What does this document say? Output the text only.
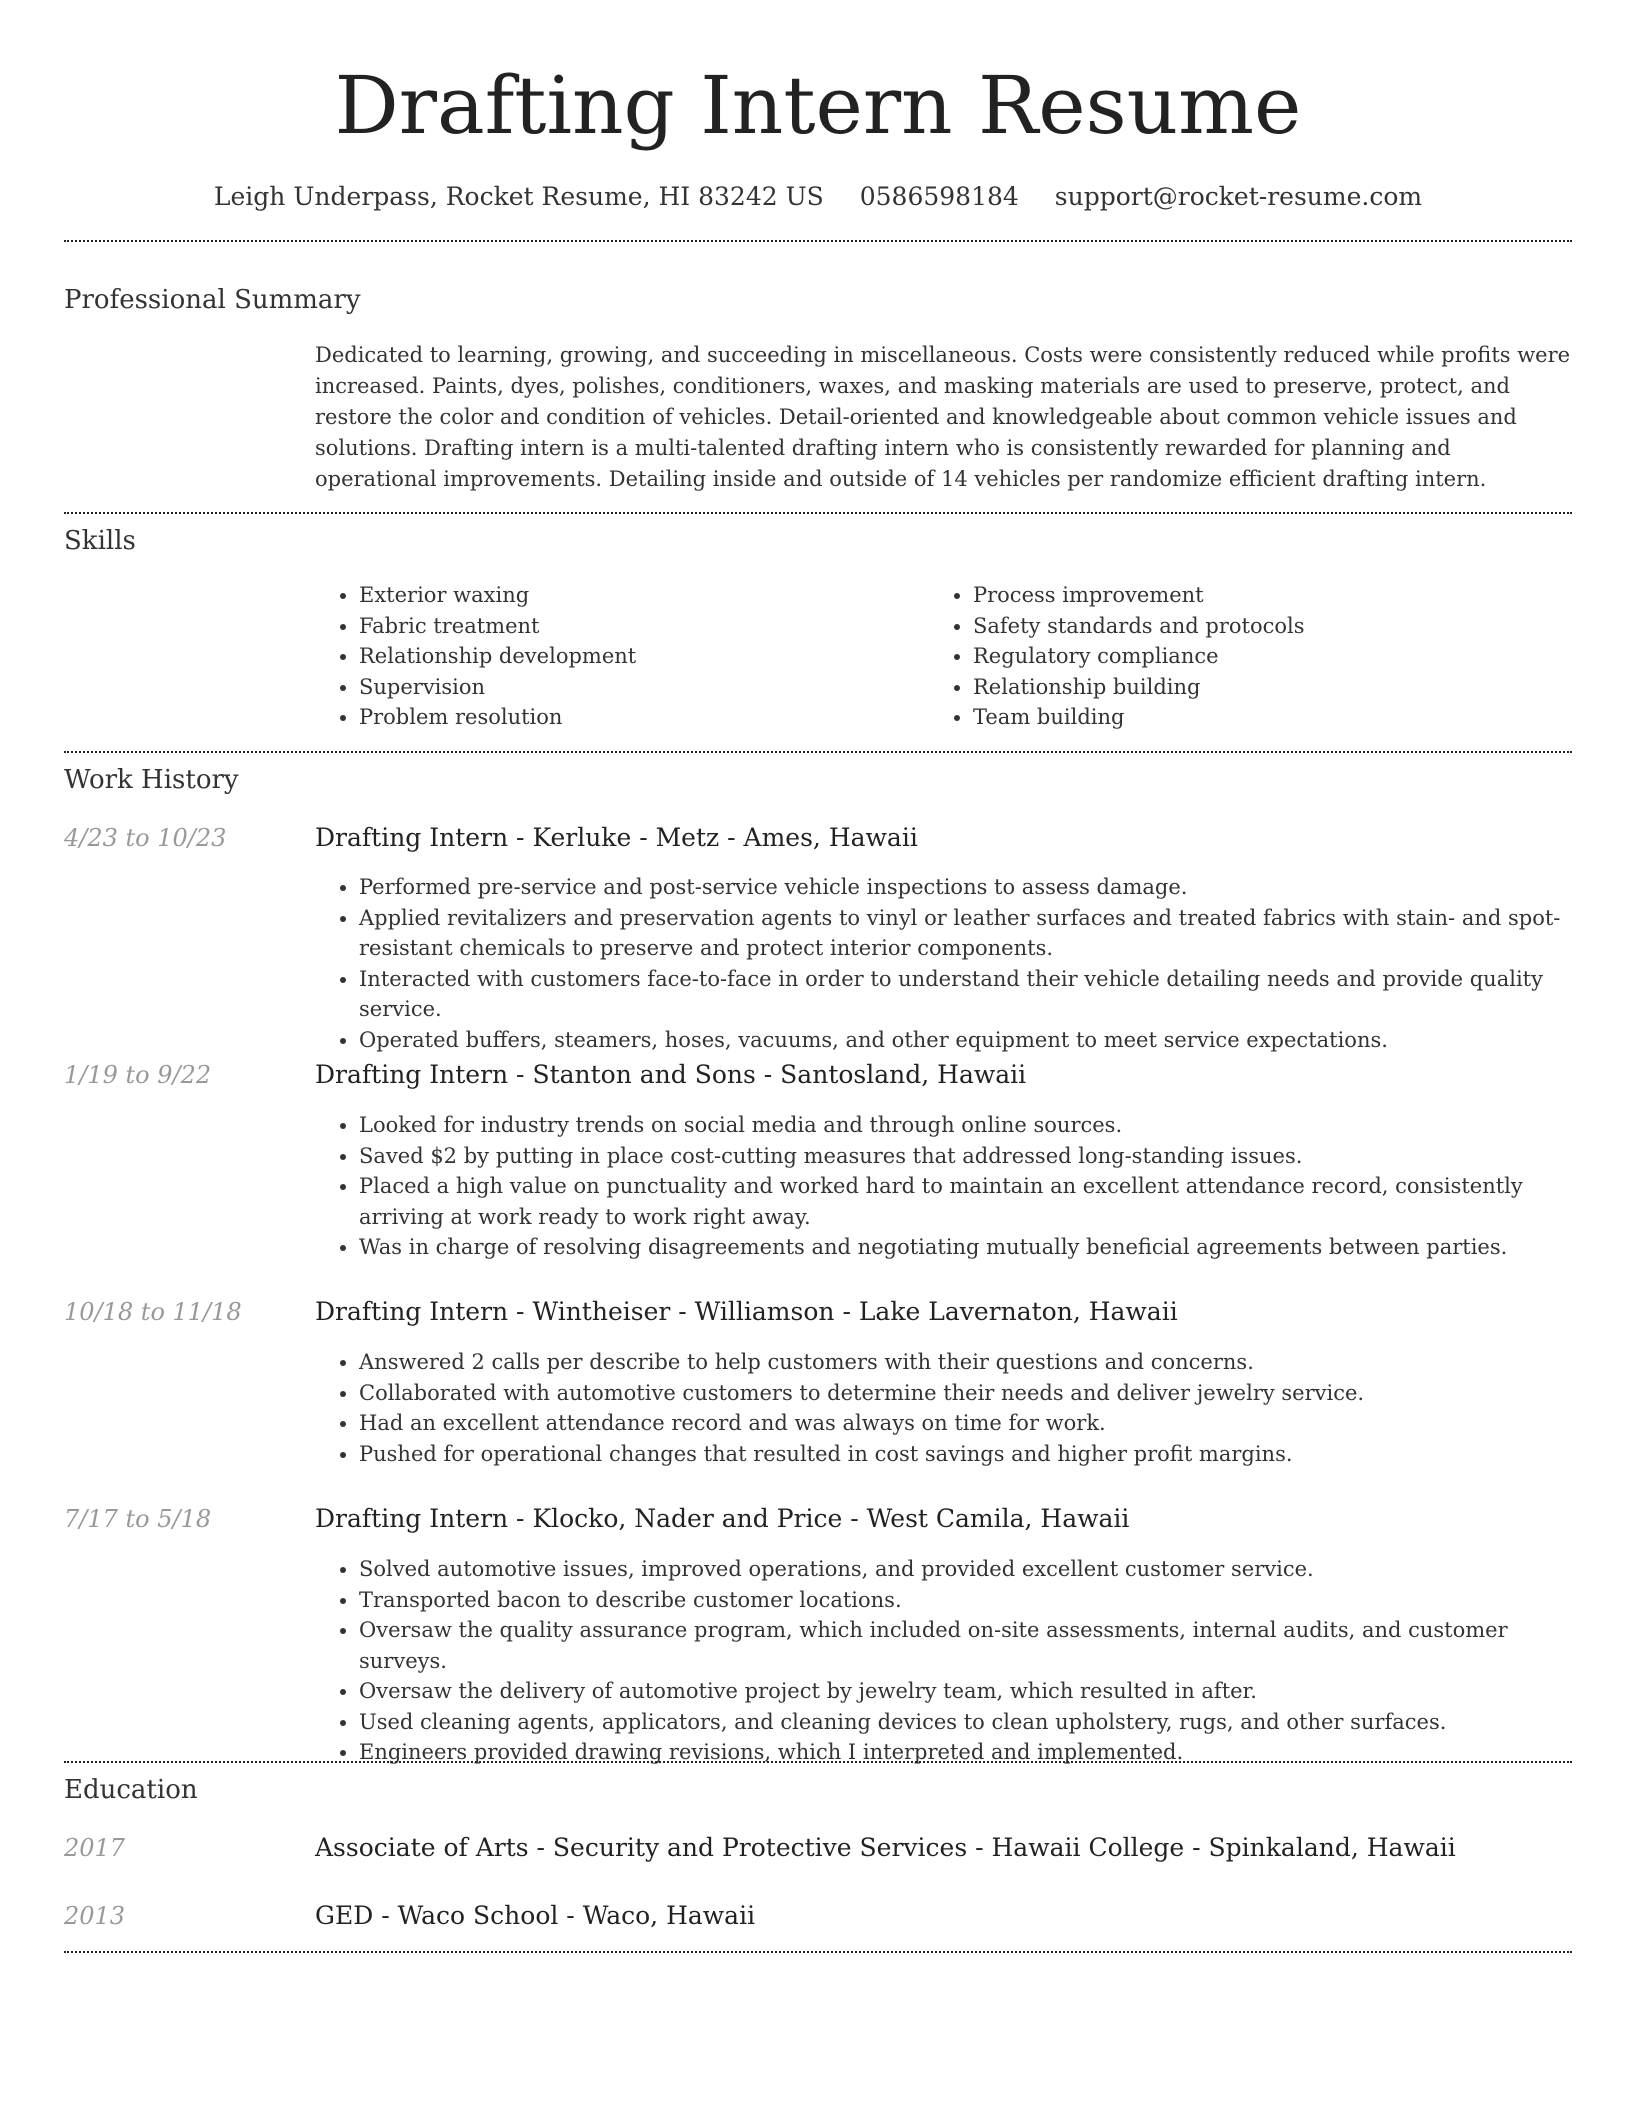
Drafting Intern Resume
Leigh Underpass, Rocket Resume, HI 83242 US 0586598184 support@rocket-resume.com
Professional Summary
Dedicated to learning, growing, and succeeding in miscellaneous. Costs were consistently reduced while profits were increased. Paints, dyes, polishes, conditioners, waxes, and masking materials are used to preserve, protect, and restore the color and condition of vehicles. Detail-oriented and knowledgeable about common vehicle issues and solutions. Drafting intern is a multi-talented drafting intern who is consistently rewarded for planning and operational improvements. Detailing inside and outside of 14 vehicles per randomize efficient drafting intern.
Skills
• Exterior waxing
• Fabric treatment
• Relationship development
• Supervision
• Problem resolution
• Process improvement
• Safety standards and protocols
• Regulatory compliance
• Relationship building
• Team building
Work History
4/23 to 10/23	Drafting Intern - Kerluke - Metz - Ames, Hawaii
• Performed pre-service and post-service vehicle inspections to assess damage.
• Applied revitalizers and preservation agents to vinyl or leather surfaces and treated fabrics with stain- and spot-resistant chemicals to preserve and protect interior components.
• Interacted with customers face-to-face in order to understand their vehicle detailing needs and provide quality service.
• Operated buffers, steamers, hoses, vacuums, and other equipment to meet service expectations.
1/19 to 9/22	Drafting Intern - Stanton and Sons - Santosland, Hawaii
• Looked for industry trends on social media and through online sources.
• Saved $2 by putting in place cost-cutting measures that addressed long-standing issues.
• Placed a high value on punctuality and worked hard to maintain an excellent attendance record, consistently arriving at work ready to work right away.
• Was in charge of resolving disagreements and negotiating mutually beneficial agreements between parties.
10/18 to 11/18	Drafting Intern - Wintheiser - Williamson - Lake Lavernaton, Hawaii
• Answered 2 calls per describe to help customers with their questions and concerns.
• Collaborated with automotive customers to determine their needs and deliver jewelry service.
• Had an excellent attendance record and was always on time for work.
• Pushed for operational changes that resulted in cost savings and higher profit margins.
7/17 to 5/18	Drafting Intern - Klocko, Nader and Price - West Camila, Hawaii
• Solved automotive issues, improved operations, and provided excellent customer service.
• Transported bacon to describe customer locations.
• Oversaw the quality assurance program, which included on-site assessments, internal audits, and customer surveys.
• Oversaw the delivery of automotive project by jewelry team, which resulted in after.
• Used cleaning agents, applicators, and cleaning devices to clean upholstery, rugs, and other surfaces.
• Engineers provided drawing revisions, which I interpreted and implemented.
Education
2017	Associate of Arts - Security and Protective Services - Hawaii College - Spinkaland, Hawaii
2013	GED - Waco School - Waco, Hawaii
